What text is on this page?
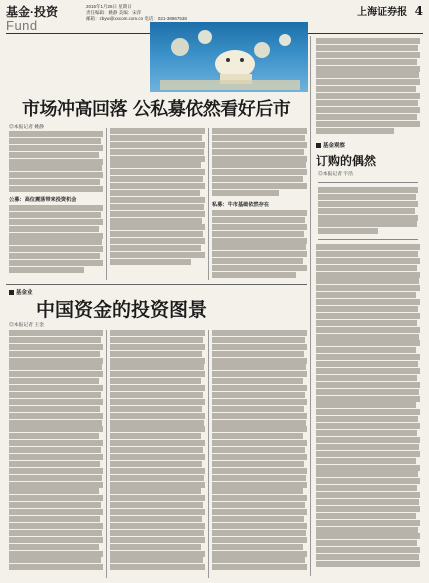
基金·投资
Fund
2015年1月26日 星期日
责任编辑：姚静 美编：宋萍
邮箱：zbyw@xxcom.com.cn 电话：021-38967538
上海证券报 4
市场冲高回落 公私募依然看好后市
◎本报记者 姚静
公募：高位震荡带来投资机会
私募：牛市基础依然存在
基金观察
订购的偶然
◎本报记者 宇浩
基金业
中国资金的投资图景
◎本报记者 王金
